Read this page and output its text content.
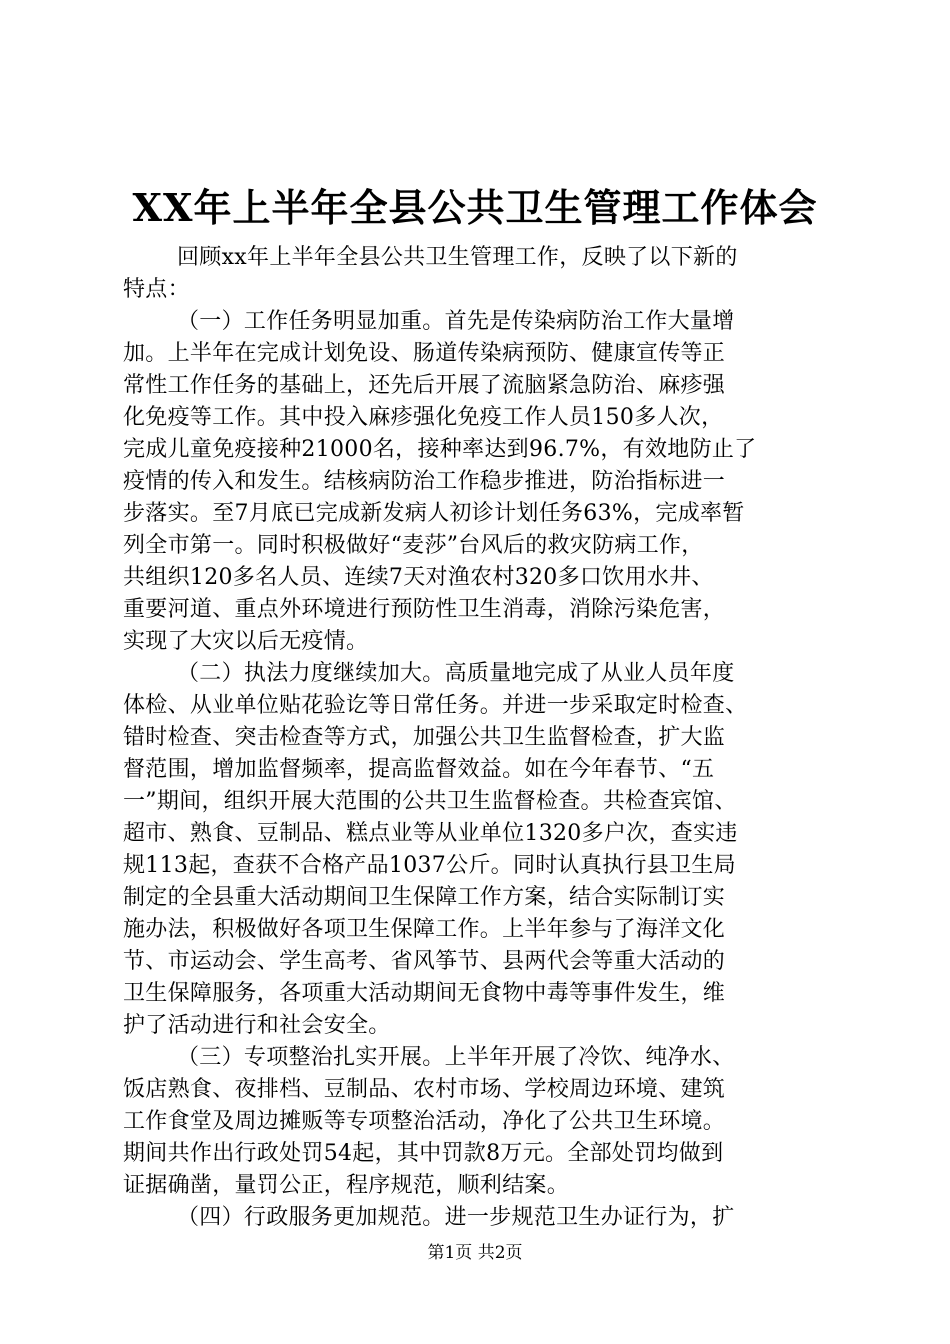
XX年上半年全县公共卫生管理工作体会
回顾xx年上半年全县公共卫生管理工作，反映了以下新的
特点：
（一）工作任务明显加重。首先是传染病防治工作大量增
加。上半年在完成计划免设、肠道传染病预防、健康宣传等正
常性工作任务的基础上，还先后开展了流脑紧急防治、麻疹强
化免疫等工作。其中投入麻疹强化免疫工作人员150多人次，
完成儿童免疫接种21000名，接种率达到96.7%，有效地防止了
疫情的传入和发生。结核病防治工作稳步推进，防治指标进一
步落实。至7月底已完成新发病人初诊计划任务63%，完成率暂
列全市第一。同时积极做好“麦莎”台风后的救灾防病工作，
共组织120多名人员、连续7天对渔农村320多口饮用水井、
重要河道、重点外环境进行预防性卫生消毒，消除污染危害，
实现了大灾以后无疫情。
（二）执法力度继续加大。高质量地完成了从业人员年度
体检、从业单位贴花验讫等日常任务。并进一步采取定时检查、
错时检查、突击检查等方式，加强公共卫生监督检查，扩大监
督范围，增加监督频率，提高监督效益。如在今年春节、“五
一”期间，组织开展大范围的公共卫生监督检查。共检查宾馆、
超市、熟食、豆制品、糕点业等从业单位1320多户次，查实违
规113起，查获不合格产品1037公斤。同时认真执行县卫生局
制定的全县重大活动期间卫生保障工作方案，结合实际制订实
施办法，积极做好各项卫生保障工作。上半年参与了海洋文化
节、市运动会、学生高考、省风筝节、县两代会等重大活动的
卫生保障服务，各项重大活动期间无食物中毒等事件发生，维
护了活动进行和社会安全。
（三）专项整治扎实开展。上半年开展了冷饮、纯净水、
饭店熟食、夜排档、豆制品、农村市场、学校周边环境、建筑
工作食堂及周边摊贩等专项整治活动，净化了公共卫生环境。
期间共作出行政处罚54起，其中罚款8万元。全部处罚均做到
证据确凿，量罚公正，程序规范，顺利结案。
（四）行政服务更加规范。进一步规范卫生办证行为，扩
第1页 共2页
